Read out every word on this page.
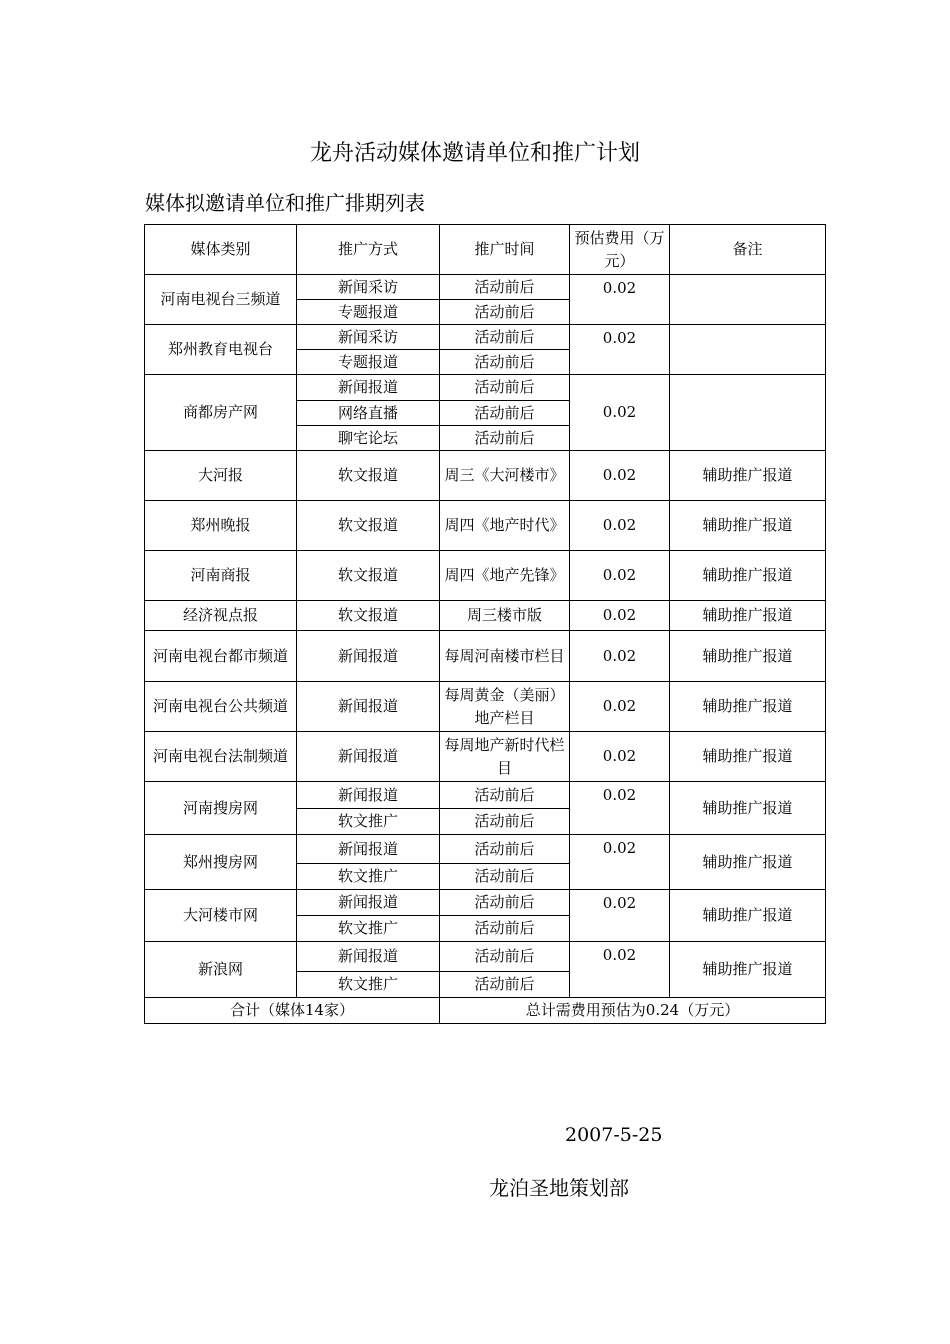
龙舟活动媒体邀请单位和推广计划
媒体拟邀请单位和推广排期列表
媒体类别	推广方式	推广时间	预估费用（万元）	备注
河南电视台三频道	新闻采访	活动前后	0.02	
	专题报道	活动前后		
郑州教育电视台	新闻采访	活动前后	0.02	
	专题报道	活动前后		
商都房产网	新闻报道	活动前后	0.02	
	网络直播	活动前后		
	聊宅论坛	活动前后		
大河报	软文报道	周三《大河楼市》	0.02	辅助推广报道
郑州晚报	软文报道	周四《地产时代》	0.02	辅助推广报道
河南商报	软文报道	周四《地产先锋》	0.02	辅助推广报道
经济视点报	软文报道	周三楼市版	0.02	辅助推广报道
河南电视台都市频道	新闻报道	每周河南楼市栏目	0.02	辅助推广报道
河南电视台公共频道	新闻报道	每周黄金（美丽）地产栏目	0.02	辅助推广报道
河南电视台法制频道	新闻报道	每周地产新时代栏目	0.02	辅助推广报道
河南搜房网	新闻报道	活动前后	0.02	辅助推广报道
	软文推广	活动前后		
郑州搜房网	新闻报道	活动前后	0.02	辅助推广报道
	软文推广	活动前后		
大河楼市网	新闻报道	活动前后	0.02	辅助推广报道
	软文推广	活动前后		
新浪网	新闻报道	活动前后	0.02	辅助推广报道
	软文推广	活动前后		
合计（媒体14家）		总计需费用预估为0.24（万元）		
2007-5-25
龙泊圣地策划部
